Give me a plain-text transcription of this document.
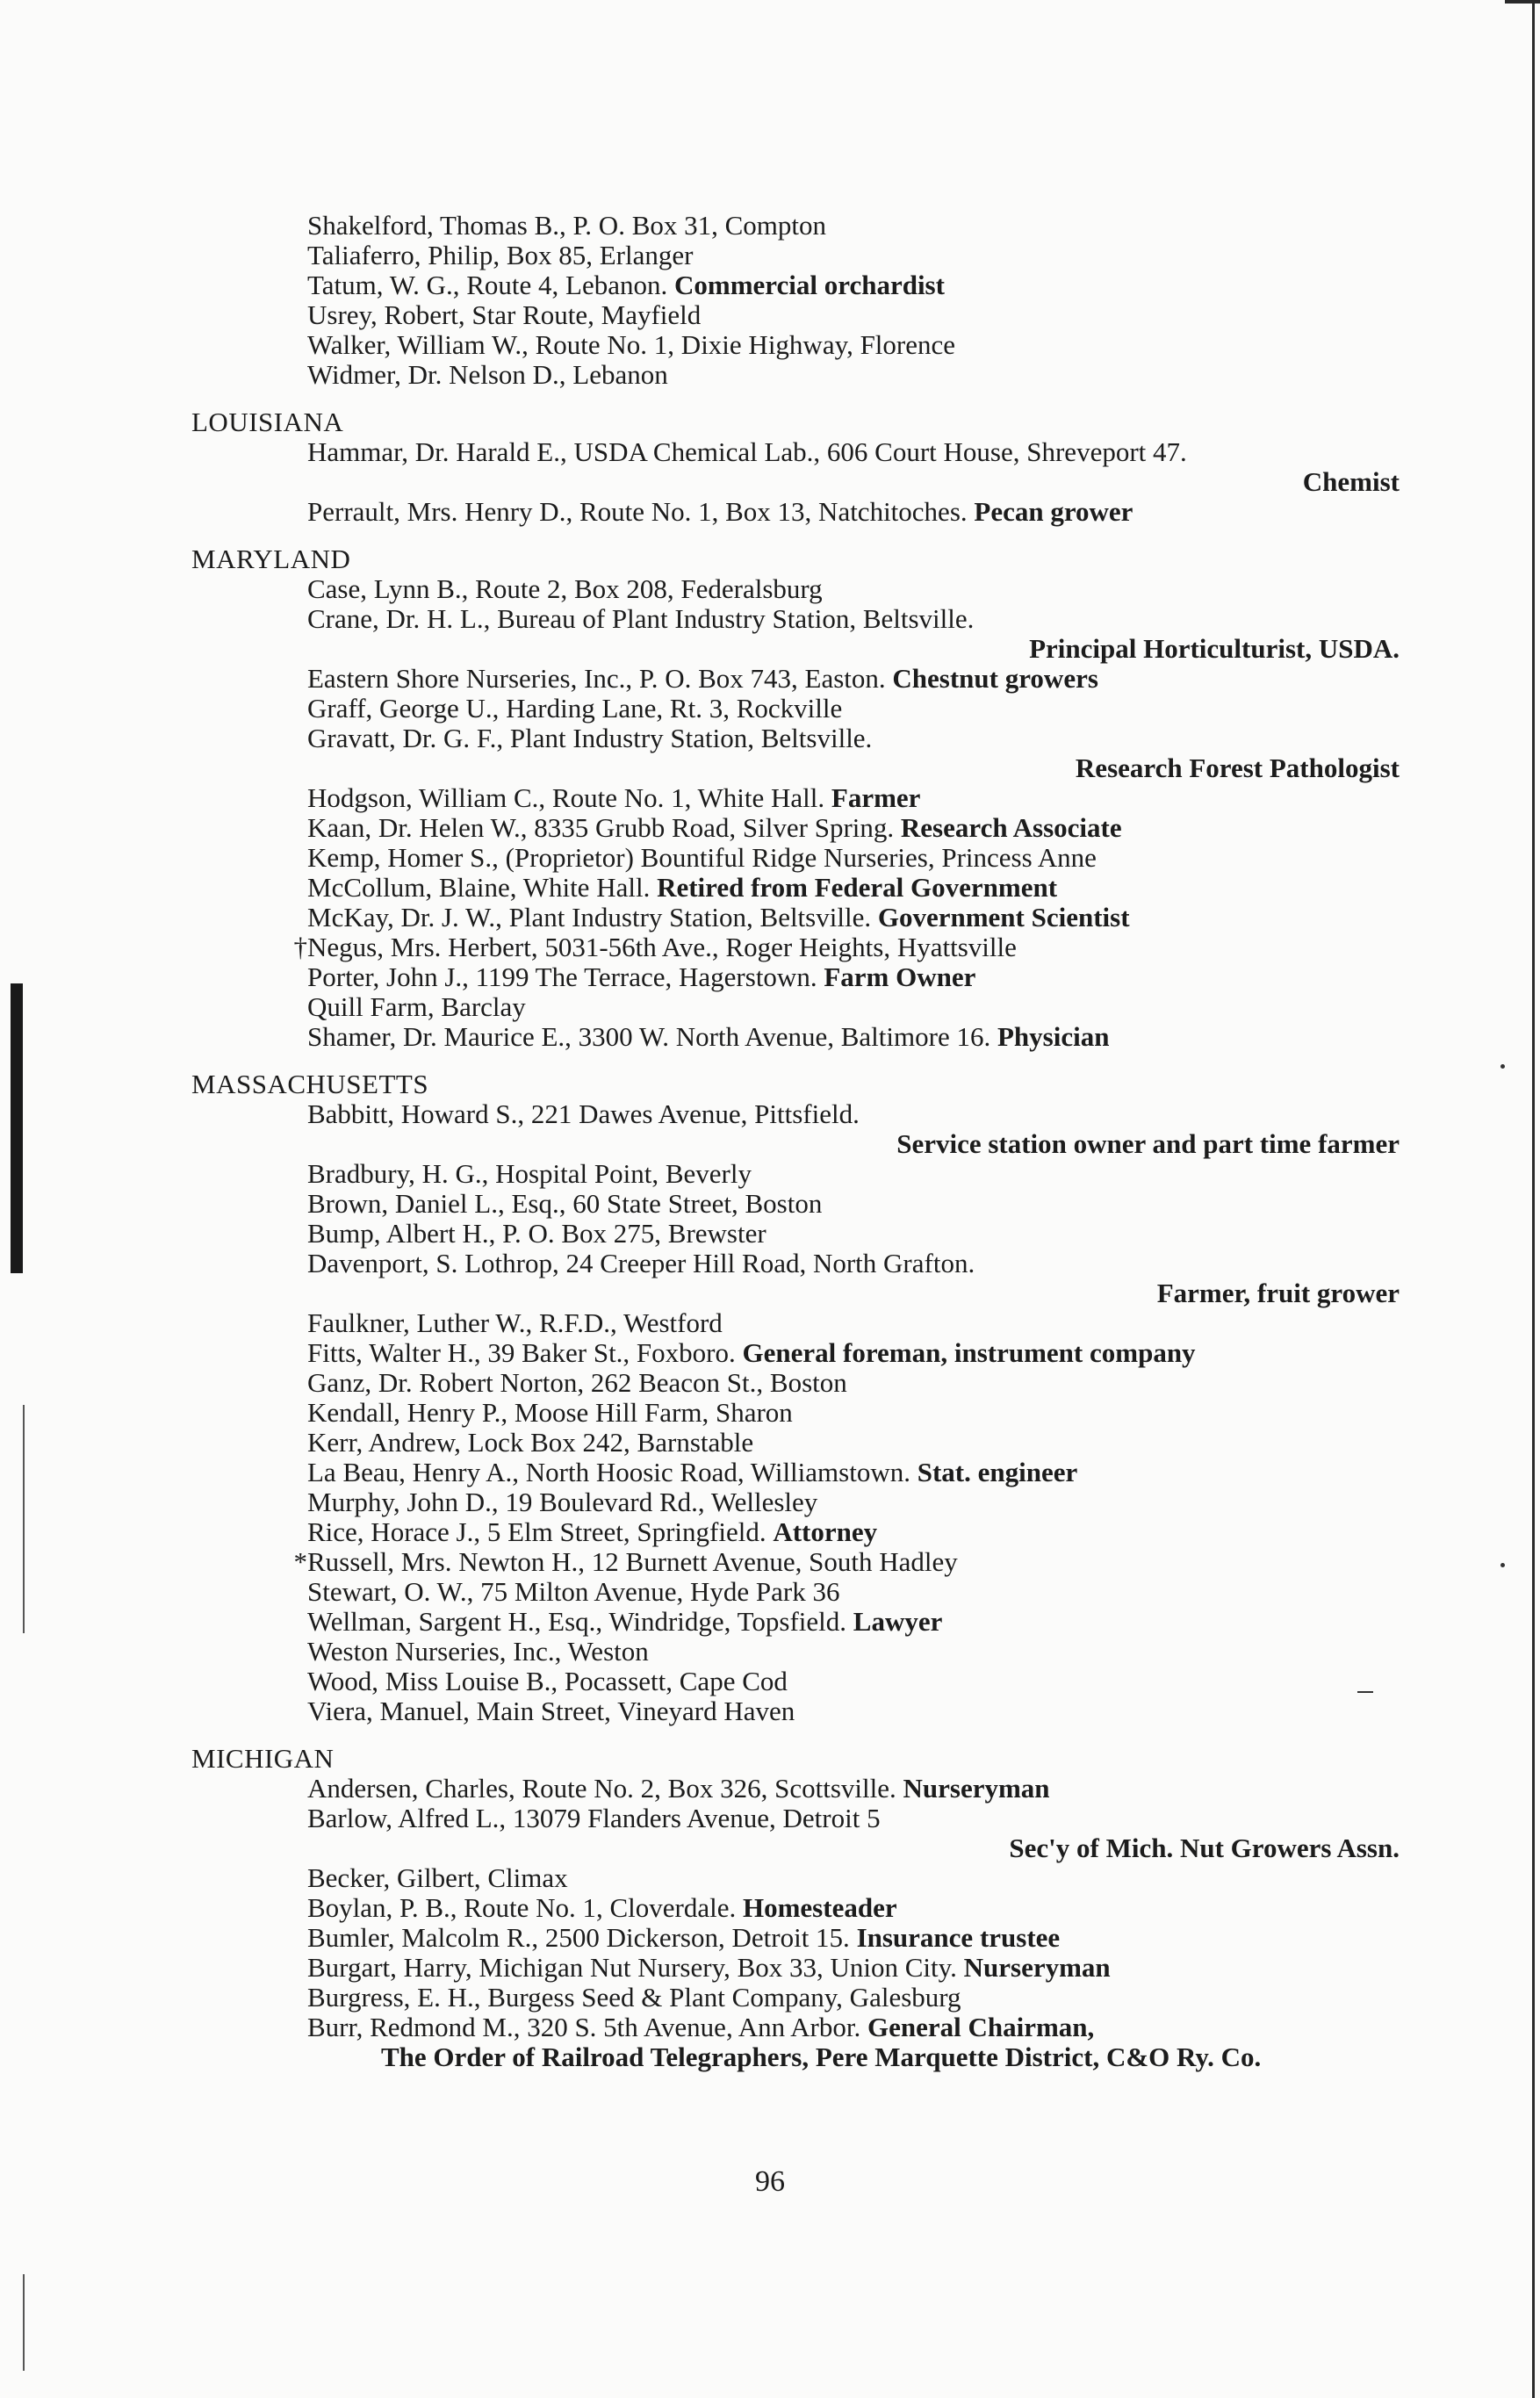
Shakelford, Thomas B., P. O. Box 31, Compton
Taliaferro, Philip, Box 85, Erlanger
Tatum, W. G., Route 4, Lebanon. Commercial orchardist
Usrey, Robert, Star Route, Mayfield
Walker, William W., Route No. 1, Dixie Highway, Florence
Widmer, Dr. Nelson D., Lebanon
LOUISIANA
Hammar, Dr. Harald E., USDA Chemical Lab., 606 Court House, Shreveport 47.
Chemist
Perrault, Mrs. Henry D., Route No. 1, Box 13, Natchitoches. Pecan grower
MARYLAND
Case, Lynn B., Route 2, Box 208, Federalsburg
Crane, Dr. H. L., Bureau of Plant Industry Station, Beltsville.
Principal Horticulturist, USDA.
Eastern Shore Nurseries, Inc., P. O. Box 743, Easton. Chestnut growers
Graff, George U., Harding Lane, Rt. 3, Rockville
Gravatt, Dr. G. F., Plant Industry Station, Beltsville.
Research Forest Pathologist
Hodgson, William C., Route No. 1, White Hall. Farmer
Kaan, Dr. Helen W., 8335 Grubb Road, Silver Spring. Research Associate
Kemp, Homer S., (Proprietor) Bountiful Ridge Nurseries, Princess Anne
McCollum, Blaine, White Hall. Retired from Federal Government
McKay, Dr. J. W., Plant Industry Station, Beltsville. Government Scientist
†Negus, Mrs. Herbert, 5031-56th Ave., Roger Heights, Hyattsville
Porter, John J., 1199 The Terrace, Hagerstown. Farm Owner
Quill Farm, Barclay
Shamer, Dr. Maurice E., 3300 W. North Avenue, Baltimore 16. Physician
MASSACHUSETTS
Babbitt, Howard S., 221 Dawes Avenue, Pittsfield.
Service station owner and part time farmer
Bradbury, H. G., Hospital Point, Beverly
Brown, Daniel L., Esq., 60 State Street, Boston
Bump, Albert H., P. O. Box 275, Brewster
Davenport, S. Lothrop, 24 Creeper Hill Road, North Grafton.
Farmer, fruit grower
Faulkner, Luther W., R.F.D., Westford
Fitts, Walter H., 39 Baker St., Foxboro. General foreman, instrument company
Ganz, Dr. Robert Norton, 262 Beacon St., Boston
Kendall, Henry P., Moose Hill Farm, Sharon
Kerr, Andrew, Lock Box 242, Barnstable
La Beau, Henry A., North Hoosic Road, Williamstown. Stat. engineer
Murphy, John D., 19 Boulevard Rd., Wellesley
Rice, Horace J., 5 Elm Street, Springfield. Attorney
*Russell, Mrs. Newton H., 12 Burnett Avenue, South Hadley
Stewart, O. W., 75 Milton Avenue, Hyde Park 36
Wellman, Sargent H., Esq., Windridge, Topsfield. Lawyer
Weston Nurseries, Inc., Weston
Wood, Miss Louise B., Pocassett, Cape Cod
Viera, Manuel, Main Street, Vineyard Haven
MICHIGAN
Andersen, Charles, Route No. 2, Box 326, Scottsville. Nurseryman
Barlow, Alfred L., 13079 Flanders Avenue, Detroit 5
Sec'y of Mich. Nut Growers Assn.
Becker, Gilbert, Climax
Boylan, P. B., Route No. 1, Cloverdale. Homesteader
Bumler, Malcolm R., 2500 Dickerson, Detroit 15. Insurance trustee
Burgart, Harry, Michigan Nut Nursery, Box 33, Union City. Nurseryman
Burgress, E. H., Burgess Seed & Plant Company, Galesburg
Burr, Redmond M., 320 S. 5th Avenue, Ann Arbor. General Chairman,
The Order of Railroad Telegraphers, Pere Marquette District, C&O Ry. Co.
96
